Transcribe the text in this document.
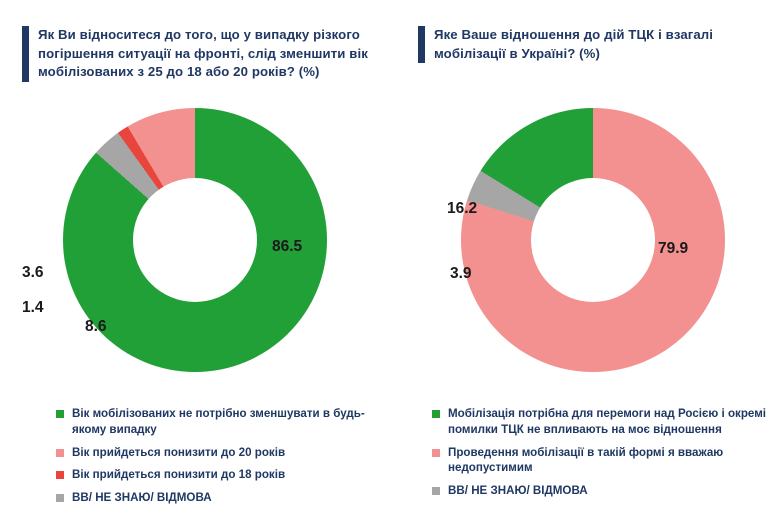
Як Ви відноситеся до того, що у випадку різкого погіршення ситуації на фронті, слід зменшити вік мобілізованих з 25 до 18 або 20 років? (%)
86.5
3.6
1.4
8.6
Вік мобілізованих не потрібно зменшувати в будь-якому випадку
Вік прийдеться понизити до 20 років
Вік прийдеться понизити до 18 років
ВВ/ НЕ ЗНАЮ/ ВІДМОВА
Яке Ваше відношення до дій ТЦК і взагалі мобілізації в Україні? (%)
79.9
16.2
3.9
Мобілізація потрібна для перемоги над Росією і окремі помилки ТЦК не впливають на моє відношення
Проведення мобілізації в такій формі я вважаю недопустимим
ВВ/ НЕ ЗНАЮ/ ВІДМОВА
